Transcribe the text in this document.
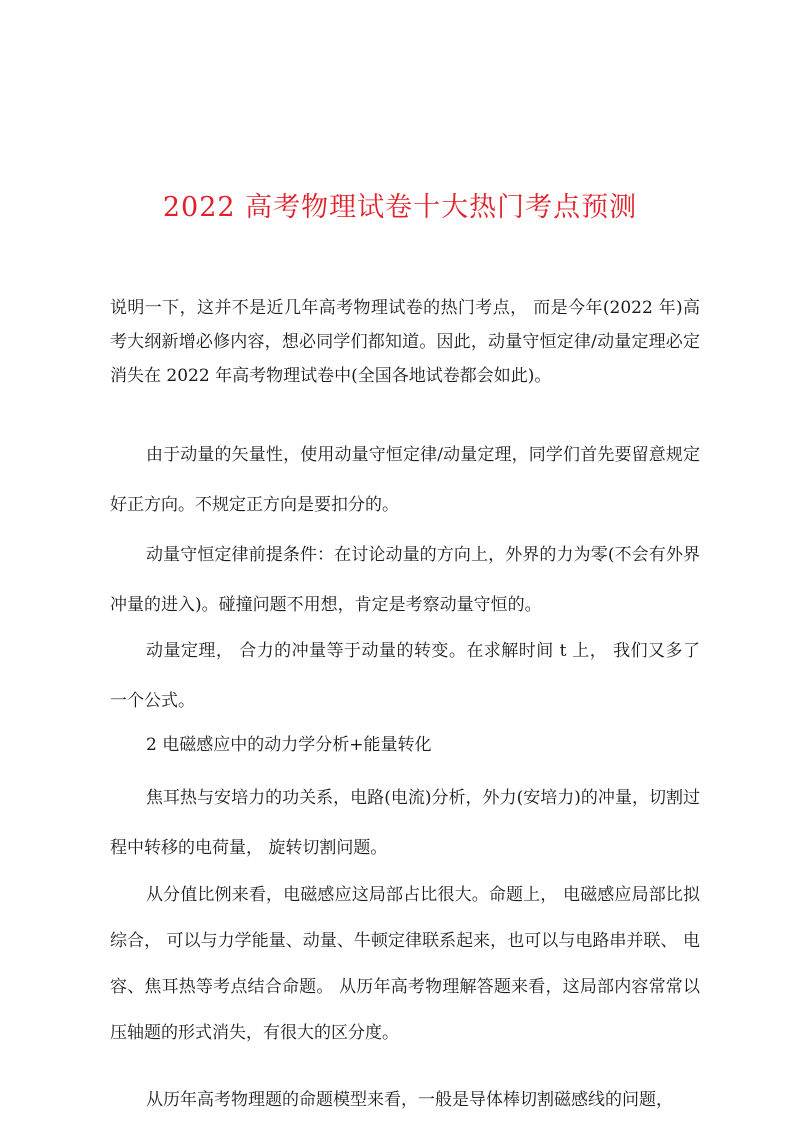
2022 高考物理试卷十大热门考点预测

说明一下，这并不是近几年高考物理试卷的热门考点， 而是今年(2022 年)高考大纲新增必修内容，想必同学们都知道。因此，动量守恒定律/动量定理必定消失在 2022 年高考物理试卷中(全国各地试卷都会如此)。

由于动量的矢量性，使用动量守恒定律/动量定理，同学们首先要留意规定好正方向。不规定正方向是要扣分的。

动量守恒定律前提条件：在讨论动量的方向上，外界的力为零(不会有外界冲量的进入)。碰撞问题不用想，肯定是考察动量守恒的。

动量定理， 合力的冲量等于动量的转变。在求解时间 t 上， 我们又多了一个公式。

2 电磁感应中的动力学分析+能量转化

焦耳热与安培力的功关系，电路(电流)分析，外力(安培力)的冲量，切割过程中转移的电荷量， 旋转切割问题。

从分值比例来看，电磁感应这局部占比很大。命题上， 电磁感应局部比拟综合， 可以与力学能量、动量、牛顿定律联系起来，也可以与电路串并联、 电容、焦耳热等考点结合命题。 从历年高考物理解答题来看，这局部内容常常以压轴题的形式消失，有很大的区分度。

从历年高考物理题的命题模型来看，一般是导体棒切割磁感线的问题，
